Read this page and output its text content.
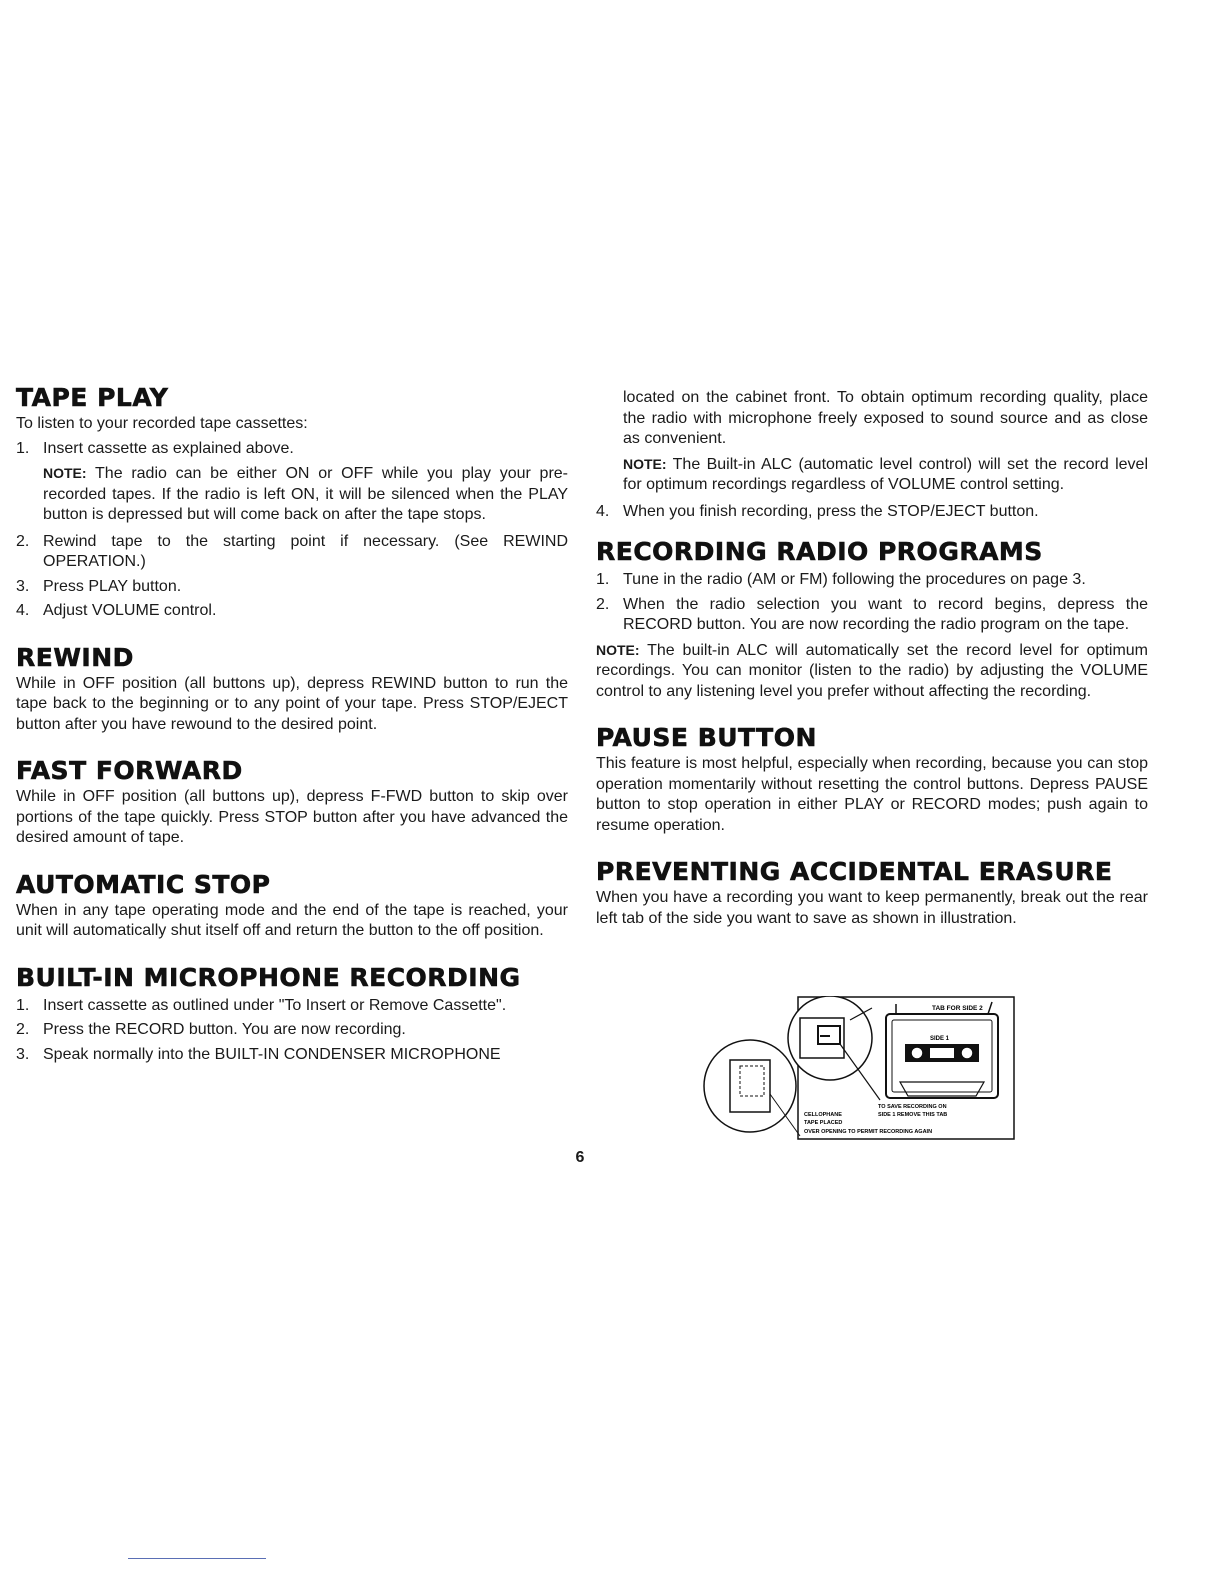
TAPE PLAY

To listen to your recorded tape cassettes:

1. Insert cassette as explained above.
NOTE: The radio can be either ON or OFF while you play your pre-recorded tapes. If the radio is left ON, it will be silenced when the PLAY button is depressed but will come back on after the tape stops.
2. Rewind tape to the starting point if necessary. (See REWIND OPERATION.)
3. Press PLAY button.
4. Adjust VOLUME control.
REWIND

While in OFF position (all buttons up), depress REWIND button to run the tape back to the beginning or to any point of your tape. Press STOP/EJECT button after you have rewound to the desired point.

FAST FORWARD

While in OFF position (all buttons up), depress F-FWD button to skip over portions of the tape quickly. Press STOP button after you have advanced the desired amount of tape.

AUTOMATIC STOP

When in any tape operating mode and the end of the tape is reached, your unit will automatically shut itself off and return the button to the off position.

BUILT-IN MICROPHONE RECORDING
1. Insert cassette as outlined under "To Insert or Remove Cassette".
2. Press the RECORD button. You are now recording.
3. Speak normally into the BUILT-IN CONDENSER MICROPHONE

located on the cabinet front. To obtain optimum recording quality, place the radio with microphone freely exposed to sound source and as close as convenient.

NOTE: The Built-in ALC (automatic level control) will set the record level for optimum recordings regardless of VOLUME control setting.
4. When you finish recording, press the STOP/EJECT button.
RECORDING RADIO PROGRAMS
1. Tune in the radio (AM or FM) following the procedures on page 3.
2. When the radio selection you want to record begins, depress the RECORD button. You are now recording the radio program on the tape.

NOTE: The built-in ALC will automatically set the record level for optimum recordings. You can monitor (listen to the radio) by adjusting the VOLUME control to any listening level you prefer without affecting the recording.

PAUSE BUTTON

This feature is most helpful, especially when recording, because you can stop operation momentarily without resetting the control buttons. Depress PAUSE button to stop operation in either PLAY or RECORD modes; push again to resume operation.

PREVENTING ACCIDENTAL ERASURE

When you have a recording you want to keep permanently, break out the rear left tab of the side you want to save as shown in illustration.

TAB FOR SIDE 2
SIDE 1
TO SAVE RECORDING ON
SIDE 1 REMOVE THIS TAB
CELLOPHANE
TAPE PLACED
OVER OPENING TO PERMIT RECORDING AGAIN
6
